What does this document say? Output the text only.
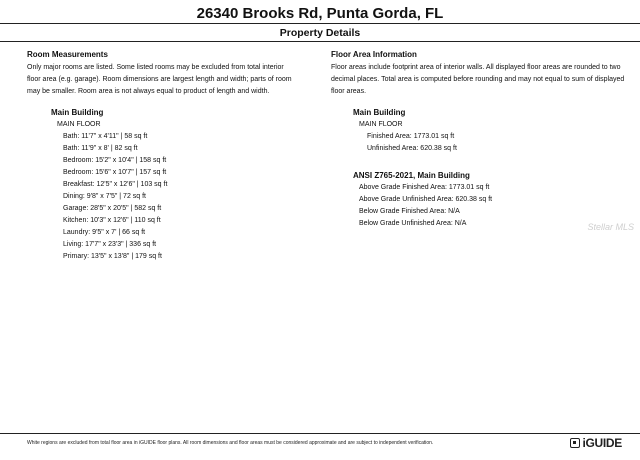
26340 Brooks Rd, Punta Gorda, FL
Property Details
Room Measurements

Only major rooms are listed. Some listed rooms may be excluded from total interior floor area (e.g. garage). Room dimensions are largest length and width; parts of room may be smaller. Room area is not always equal to product of length and width.

Main Building
MAIN FLOOR
Bath: 11'7" x 4'11" | 58 sq ft
Bath: 11'9" x 8' | 82 sq ft
Bedroom: 15'2" x 10'4" | 158 sq ft
Bedroom: 15'6" x 10'7" | 157 sq ft
Breakfast: 12'5" x 12'6" | 103 sq ft
Dining: 9'8" x 7'5" | 72 sq ft
Garage: 28'5" x 20'5" | 582 sq ft
Kitchen: 10'3" x 12'6" | 110 sq ft
Laundry: 9'5" x 7' | 66 sq ft
Living: 17'7" x 23'3" | 336 sq ft
Primary: 13'5" x 13'8" | 179 sq ft
Floor Area Information

Floor areas include footprint area of interior walls. All displayed floor areas are rounded to two decimal places. Total area is computed before rounding and may not equal to sum of displayed floor areas.

Main Building
MAIN FLOOR
Finished Area: 1773.01 sq ft
Unfinished Area: 620.38 sq ft
ANSI Z765-2021, Main Building
Above Grade Finished Area: 1773.01 sq ft
Above Grade Unfinished Area: 620.38 sq ft
Below Grade Finished Area: N/A
Below Grade Unfinished Area: N/A	Stellar MLS
White regions are excluded from total floor area in iGUIDE floor plans. All room dimensions and floor areas must be considered approximate and are subject to independent verification.	iGUIDE
